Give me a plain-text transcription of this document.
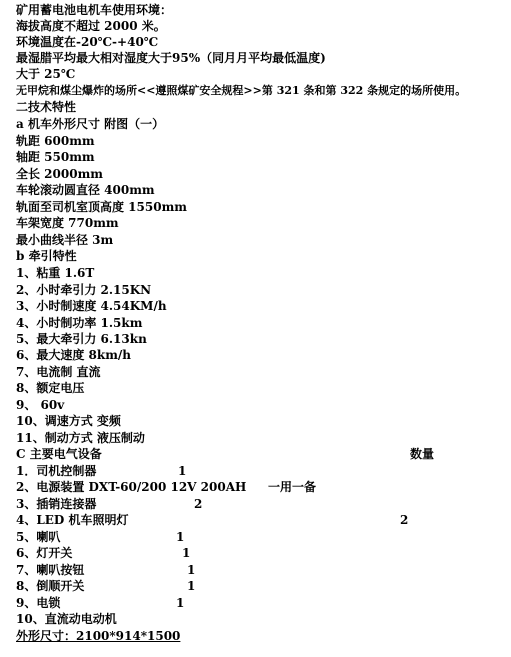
矿用蓄电池电机车使用环境：
海拔高度不超过 2000 米。
环境温度在-20℃-+40℃
最湿腊平均最大相对湿度大于95%（同月月平均最低温度)
大于 25℃
无甲烷和煤尘爆炸的场所<<遵照煤矿安全规程>>第 321 条和第 322 条规定的场所使用。
二技术特性
a 机车外形尺寸 附图（一）
轨距 600mm
轴距 550mm
全长 2000mm
车轮滚动圆直径 400mm
轨面至司机室顶高度 1550mm
车架宽度 770mm
最小曲线半径 3m
b 牵引特性
1、粘重 1.6T
2、小时牵引力 2.15KN
3、小时制速度 4.54KM/h
4、小时制功率 1.5km
5、最大牵引力 6.13kn
6、最大速度 8km/h
7、电流制 直流
8、额定电压
9、 60v
10、调速方式 变频
11、制动方式 液压制动
C 主要电气设备	数量
1．司机控制器	1
2、电源装置 DXT-60/200 12V 200AH 一用一备
3、插销连接器	2
4、LED 机车照明灯	2
5、喇叭	1
6、灯开关	1
7、喇叭按钮	1
8、倒顺开关	1
9、电锁	1
10、直流动电动机
外形尺寸：2100*914*1500
